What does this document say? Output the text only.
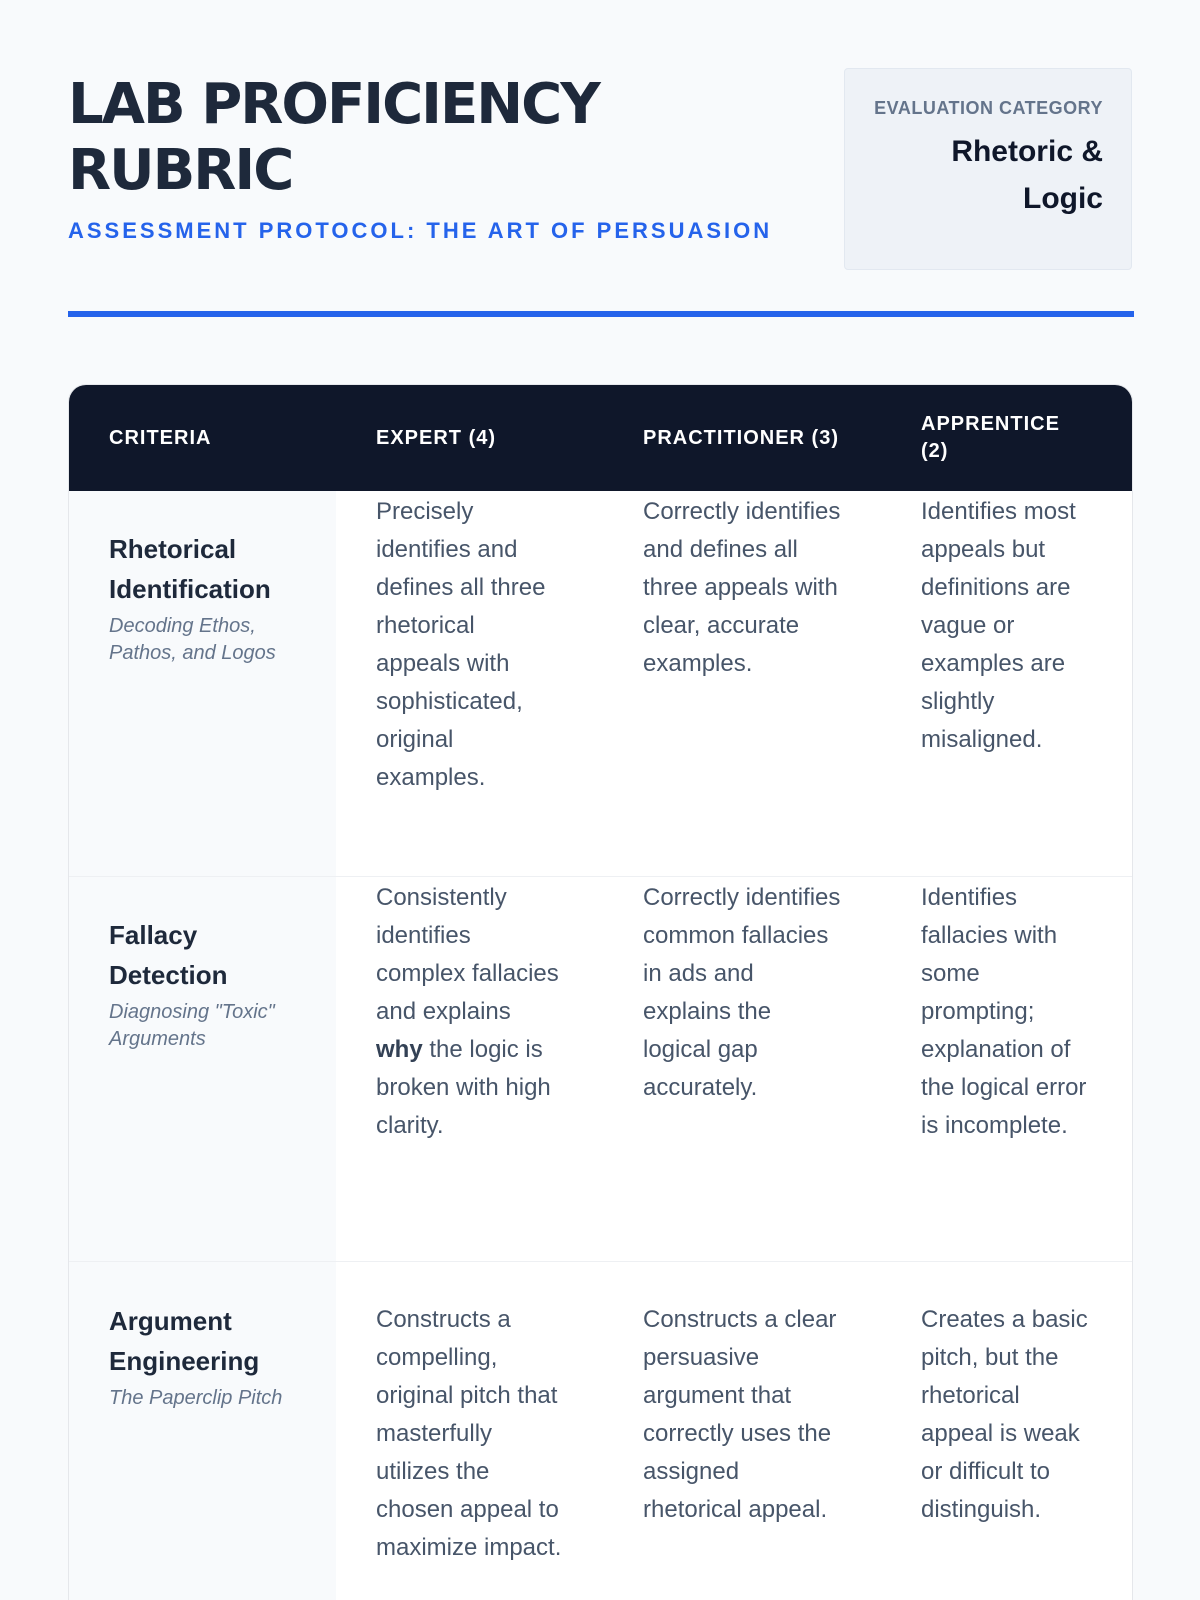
LAB PROFICIENCY RUBRIC
ASSESSMENT PROTOCOL: THE ART OF PERSUASION
EVALUATION CATEGORY
Rhetoric & Logic
CRITERIA	EXPERT (4)	PRACTITIONER (3)
APPRENTICE (2)
Rhetorical Identification
Decoding Ethos, Pathos, and Logos
Precisely identifies and defines all three rhetorical appeals with sophisticated, original examples.
Correctly identifies and defines all three appeals with clear, accurate examples.
Identifies most appeals but definitions are vague or examples are slightly misaligned.
Fallacy Detection
Diagnosing "Toxic" Arguments
Consistently identifies complex fallacies and explains why the logic is broken with high clarity.
Correctly identifies common fallacies in ads and explains the logical gap accurately.
Identifies fallacies with some prompting; explanation of the logical error is incomplete.
Argument Engineering
The Paperclip Pitch
Constructs a compelling, original pitch that masterfully utilizes the chosen appeal to maximize impact.
Constructs a clear persuasive argument that correctly uses the assigned rhetorical appeal.
Creates a basic pitch, but the rhetorical appeal is weak or difficult to distinguish.
